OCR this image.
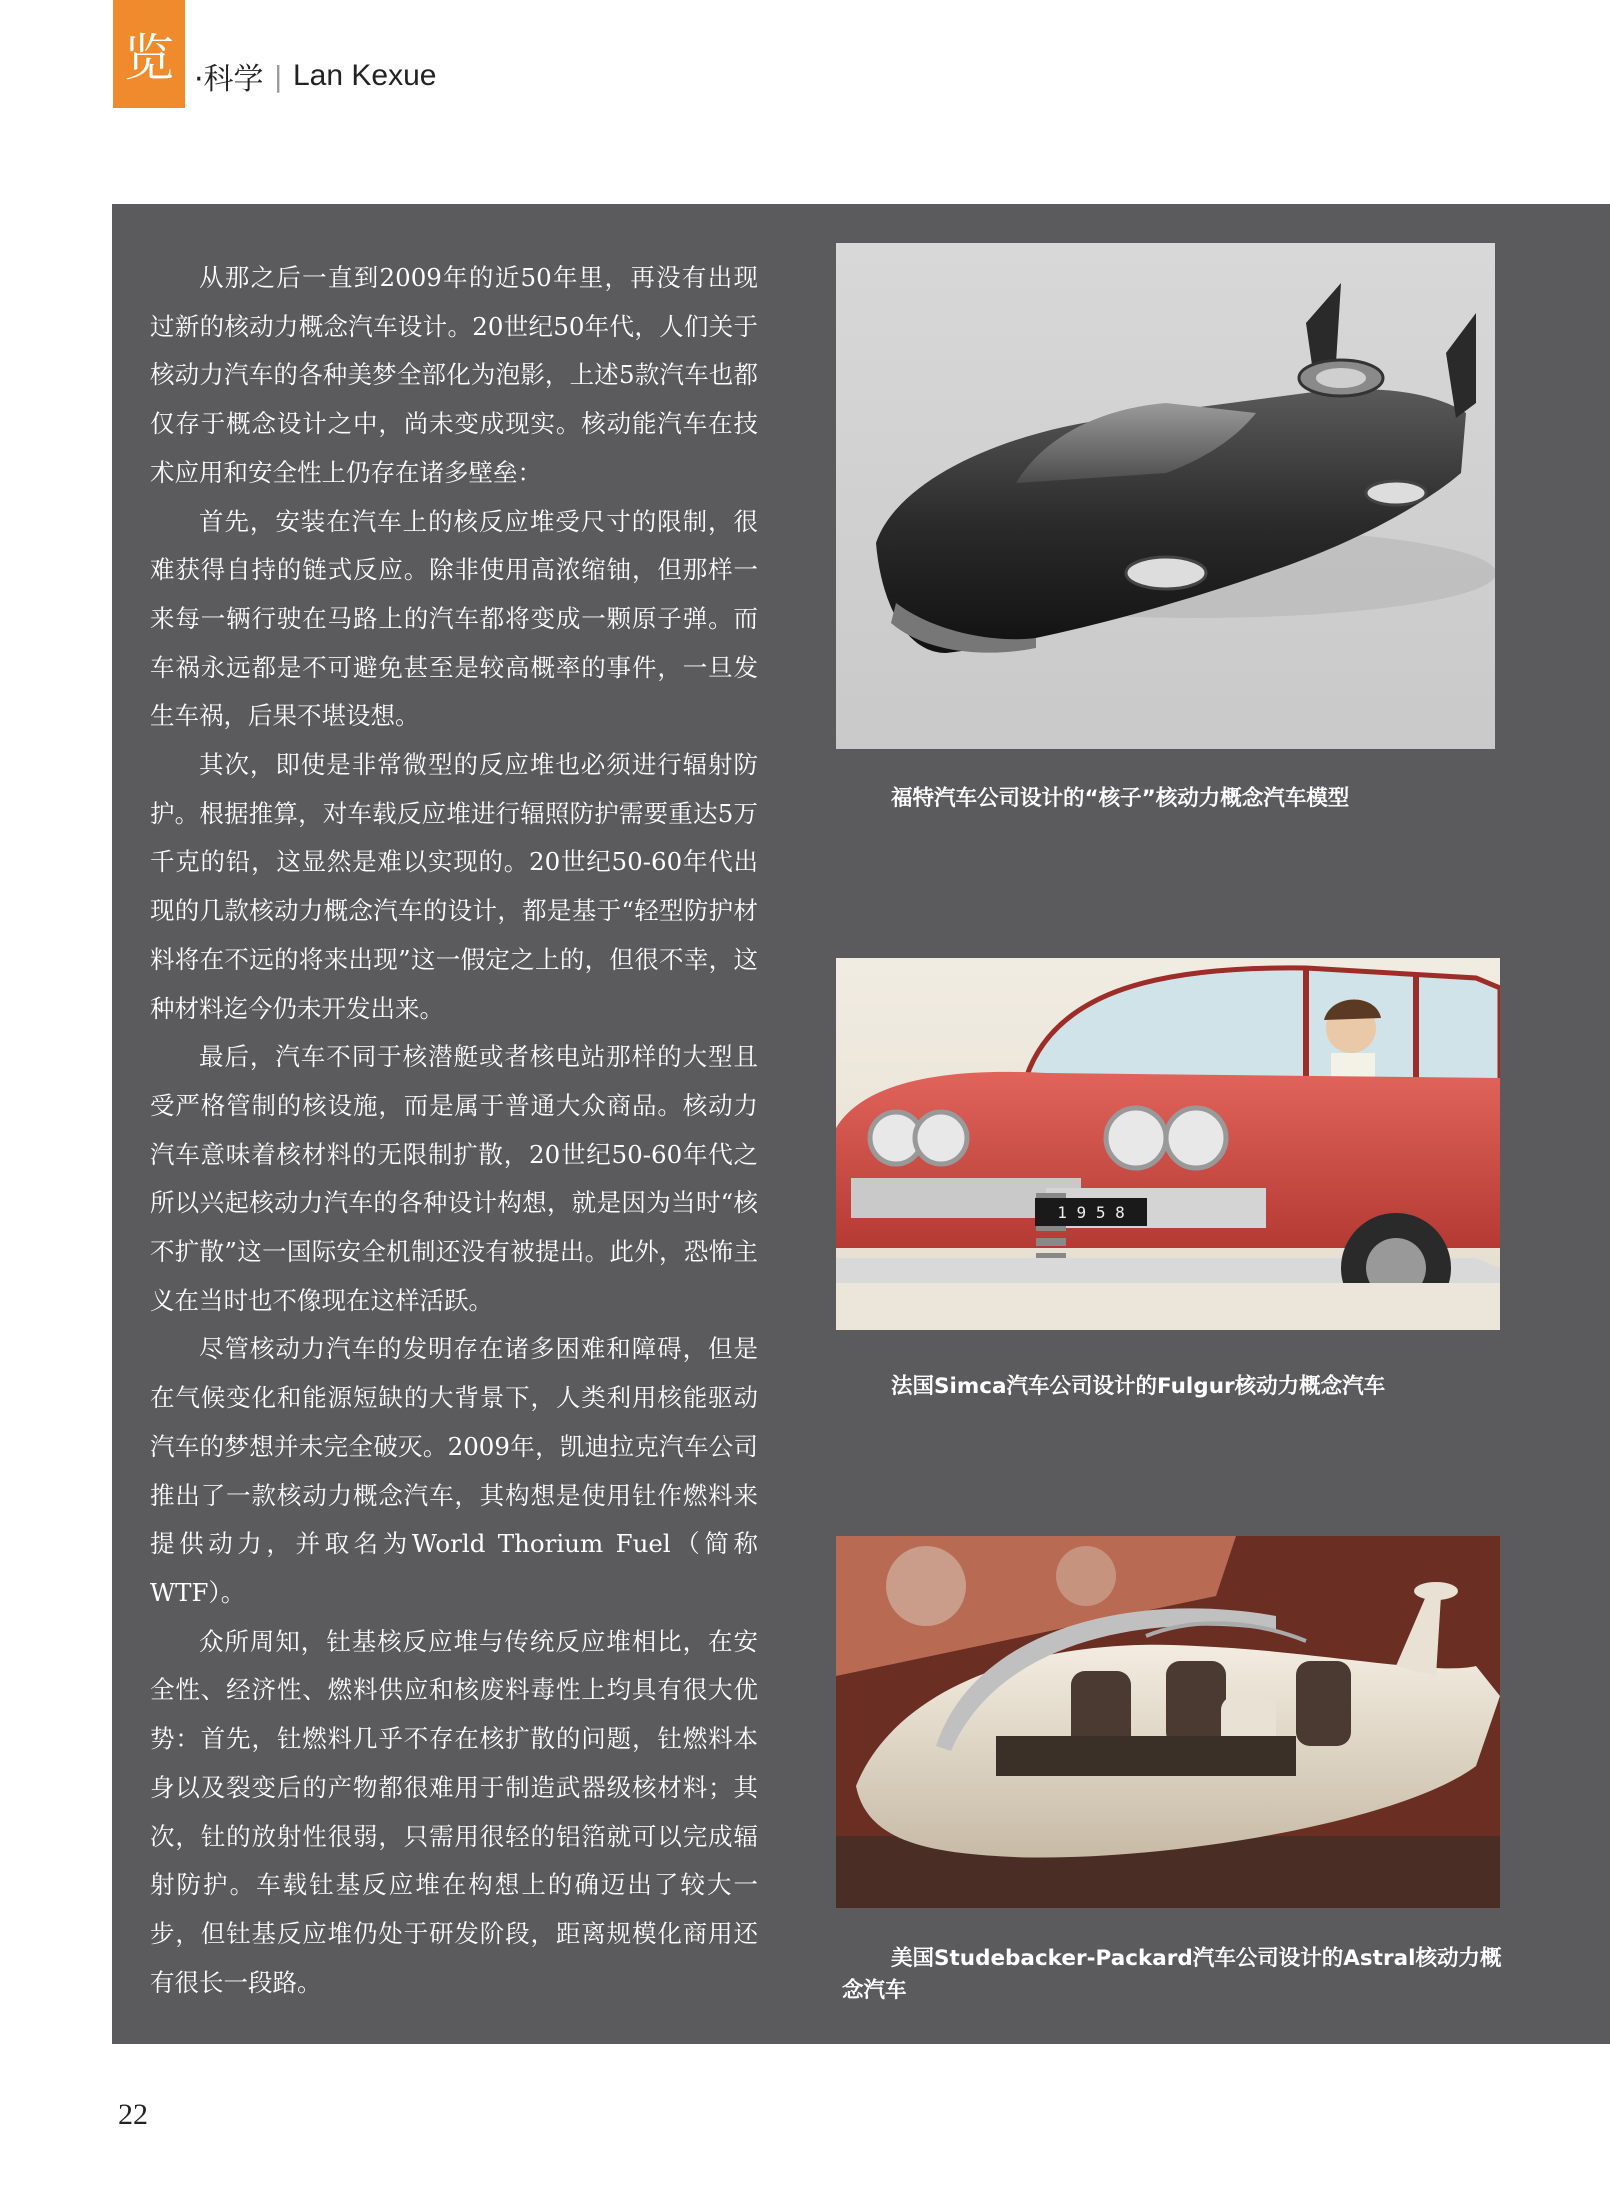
览 ·科学 | Lan Kexue

从那之后一直到2009年的近50年里，再没有出现过新的核动力概念汽车设计。20世纪50年代，人们关于核动力汽车的各种美梦全部化为泡影，上述5款汽车也都仅存于概念设计之中，尚未变成现实。核动能汽车在技术应用和安全性上仍存在诸多壁垒：

首先，安装在汽车上的核反应堆受尺寸的限制，很难获得自持的链式反应。除非使用高浓缩铀，但那样一来每一辆行驶在马路上的汽车都将变成一颗原子弹。而车祸永远都是不可避免甚至是较高概率的事件，一旦发生车祸，后果不堪设想。

其次，即使是非常微型的反应堆也必须进行辐射防护。根据推算，对车载反应堆进行辐照防护需要重达5万千克的铅，这显然是难以实现的。20世纪50-60年代出现的几款核动力概念汽车的设计，都是基于“轻型防护材料将在不远的将来出现”这一假定之上的，但很不幸，这种材料迄今仍未开发出来。

最后，汽车不同于核潜艇或者核电站那样的大型且受严格管制的核设施，而是属于普通大众商品。核动力汽车意味着核材料的无限制扩散，20世纪50-60年代之所以兴起核动力汽车的各种设计构想，就是因为当时“核不扩散”这一国际安全机制还没有被提出。此外，恐怖主义在当时也不像现在这样活跃。

尽管核动力汽车的发明存在诸多困难和障碍，但是在气候变化和能源短缺的大背景下，人类利用核能驱动汽车的梦想并未完全破灭。2009年，凯迪拉克汽车公司推出了一款核动力概念汽车，其构想是使用钍作燃料来提供动力，并取名为World Thorium Fuel（简称WTF）。

众所周知，钍基核反应堆与传统反应堆相比，在安全性、经济性、燃料供应和核废料毒性上均具有很大优势：首先，钍燃料几乎不存在核扩散的问题，钍燃料本身以及裂变后的产物都很难用于制造武器级核材料；其次，钍的放射性很弱，只需用很轻的铝箔就可以完成辐射防护。车载钍基反应堆在构想上的确迈出了较大一步，但钍基反应堆仍处于研发阶段，距离规模化商用还有很长一段路。

福特汽车公司设计的“核子”核动力概念汽车模型
1 9 5 8
法国Simca汽车公司设计的Fulgur核动力概念汽车
美国Studebacker-Packard汽车公司设计的Astral核动力概念汽车
22
